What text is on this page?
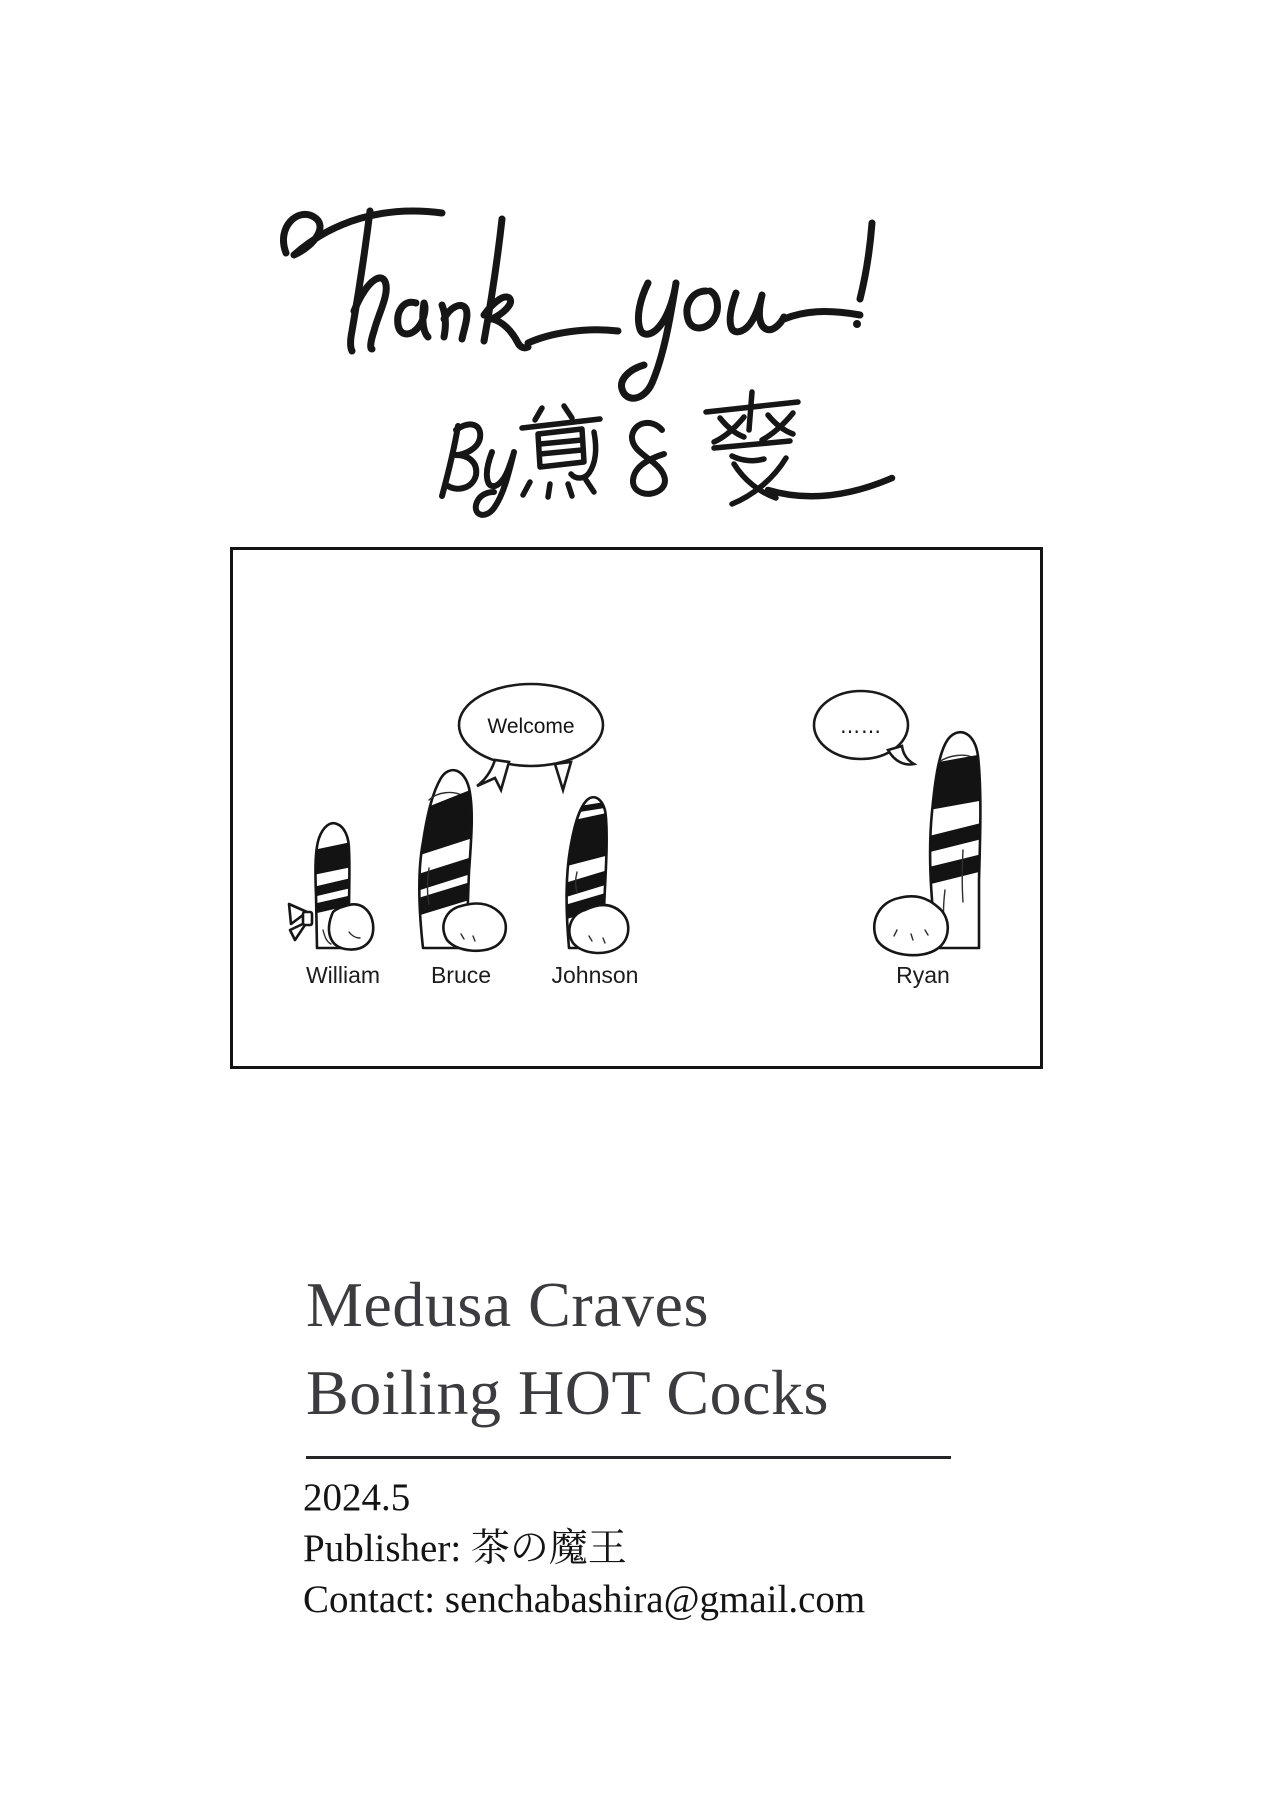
Welcome	……
William Bruce	Johnson	Ryan
Medusa Craves
Boiling HOT Cocks
2024.5
Publisher: 茶の魔王
Contact: senchabashira@gmail.com
